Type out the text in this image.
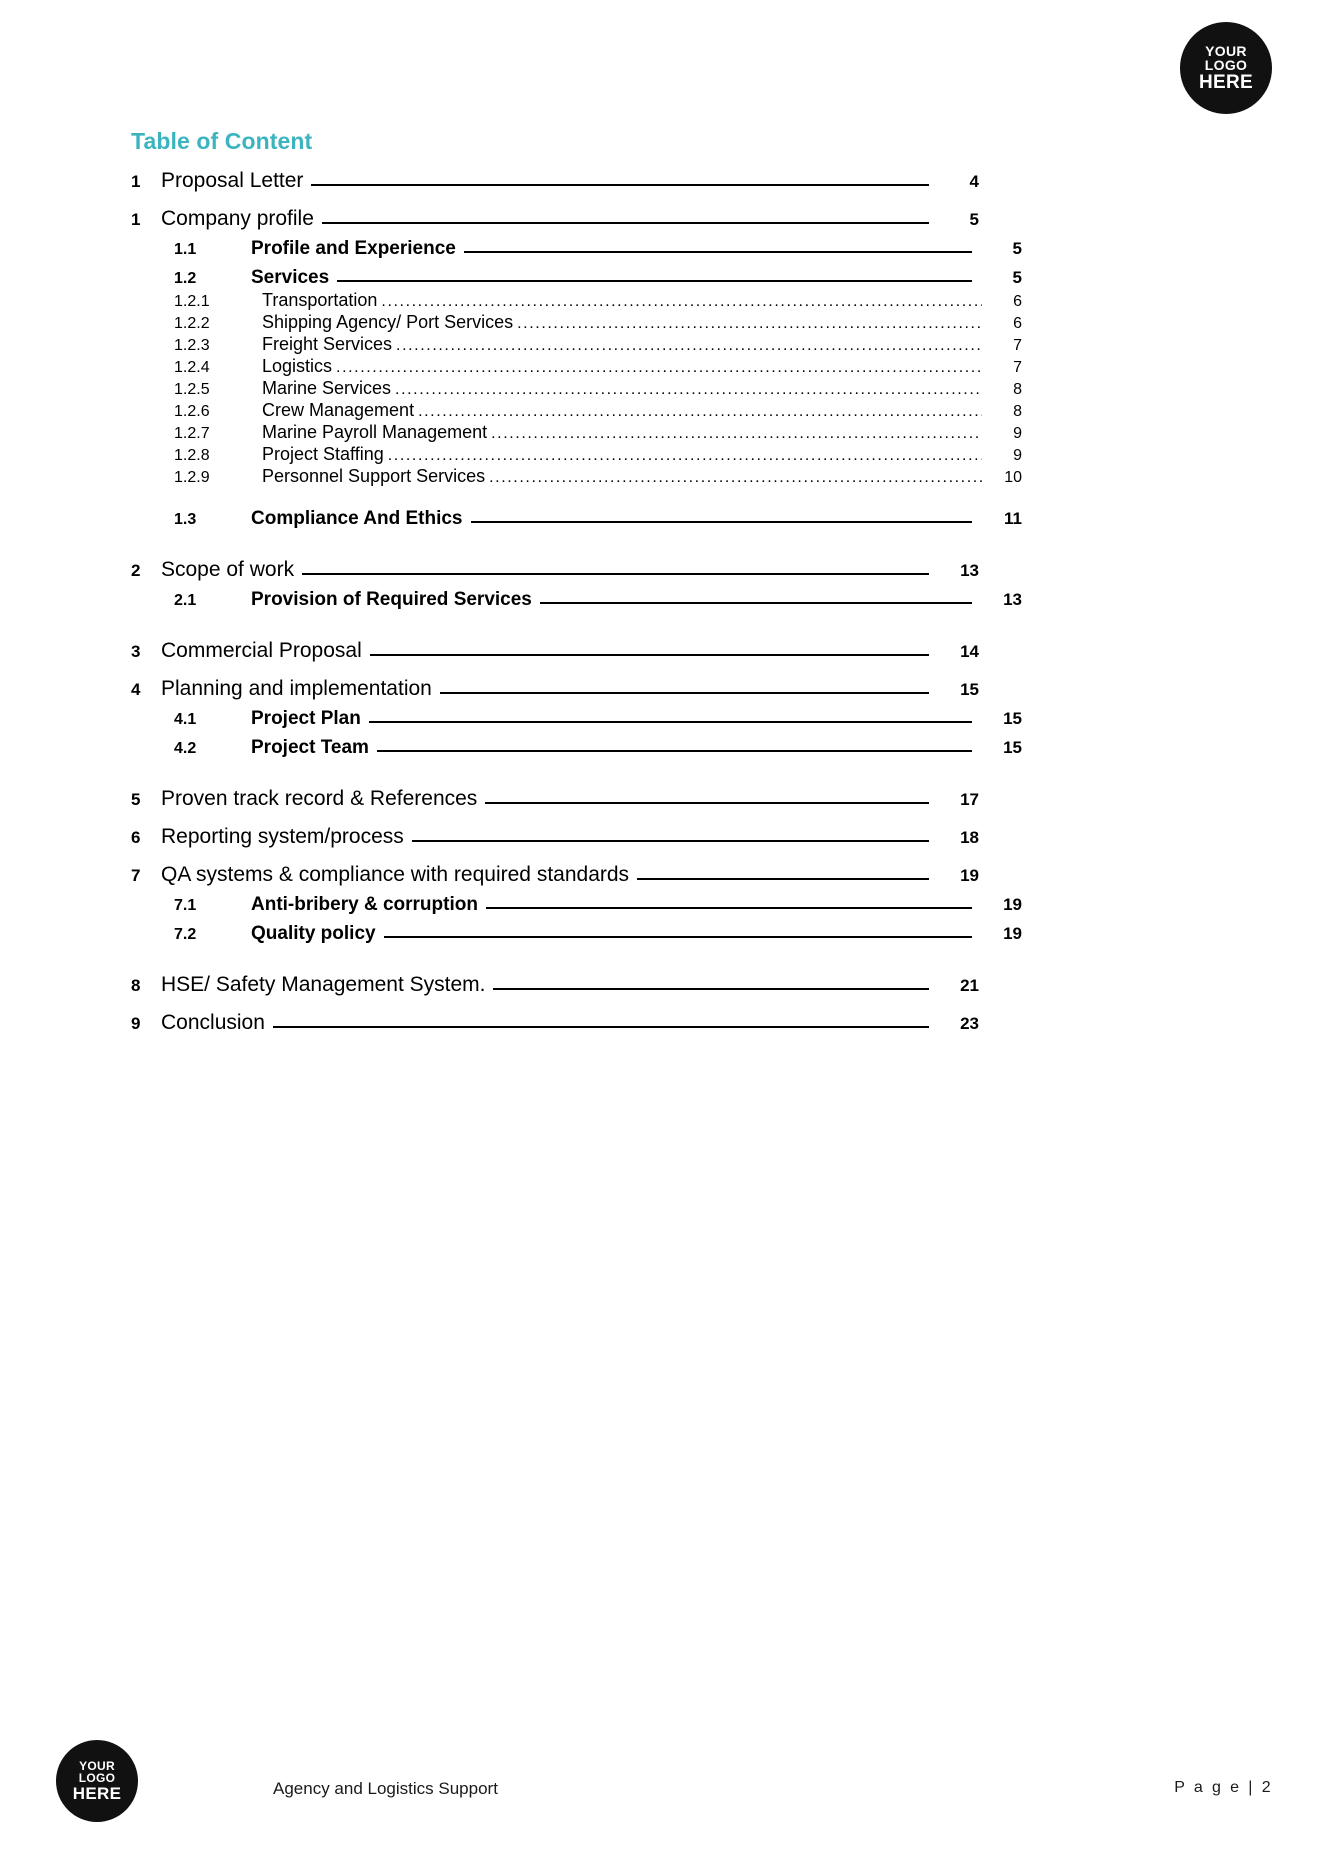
YOUR
LOGO
HERE
Table of Content
1 Proposal Letter	4
1 Company profile	5
1.1	Profile and Experience	5
1.2	Services	5
1.2.1	Transportation .....	6
1.2.2	Shipping Agency/ Port Services .....	6
1.2.3	Freight Services .....	7
1.2.4	Logistics .....	7
1.2.5	Marine Services .....	8
1.2.6	Crew Management .....	8
1.2.7	Marine Payroll Management .....	9
1.2.8	Project Staffing .....	9
1.2.9	Personnel Support Services .....	10
1.3	Compliance And Ethics	11
2 Scope of work	13
2.1	Provision of Required Services	13
3 Commercial Proposal	14
4 Planning and implementation	15
4.1	Project Plan	15
4.2	Project Team	15
5 Proven track record & References	17
6 Reporting system/process	18
7 QA systems & compliance with required standards	19
7.1	Anti-bribery & corruption	19
7.2	Quality policy	19
8 HSE/ Safety Management System.	21
9 Conclusion	23
YOUR
LOGO
HERE	Agency and Logistics Support	P a g e | 2
